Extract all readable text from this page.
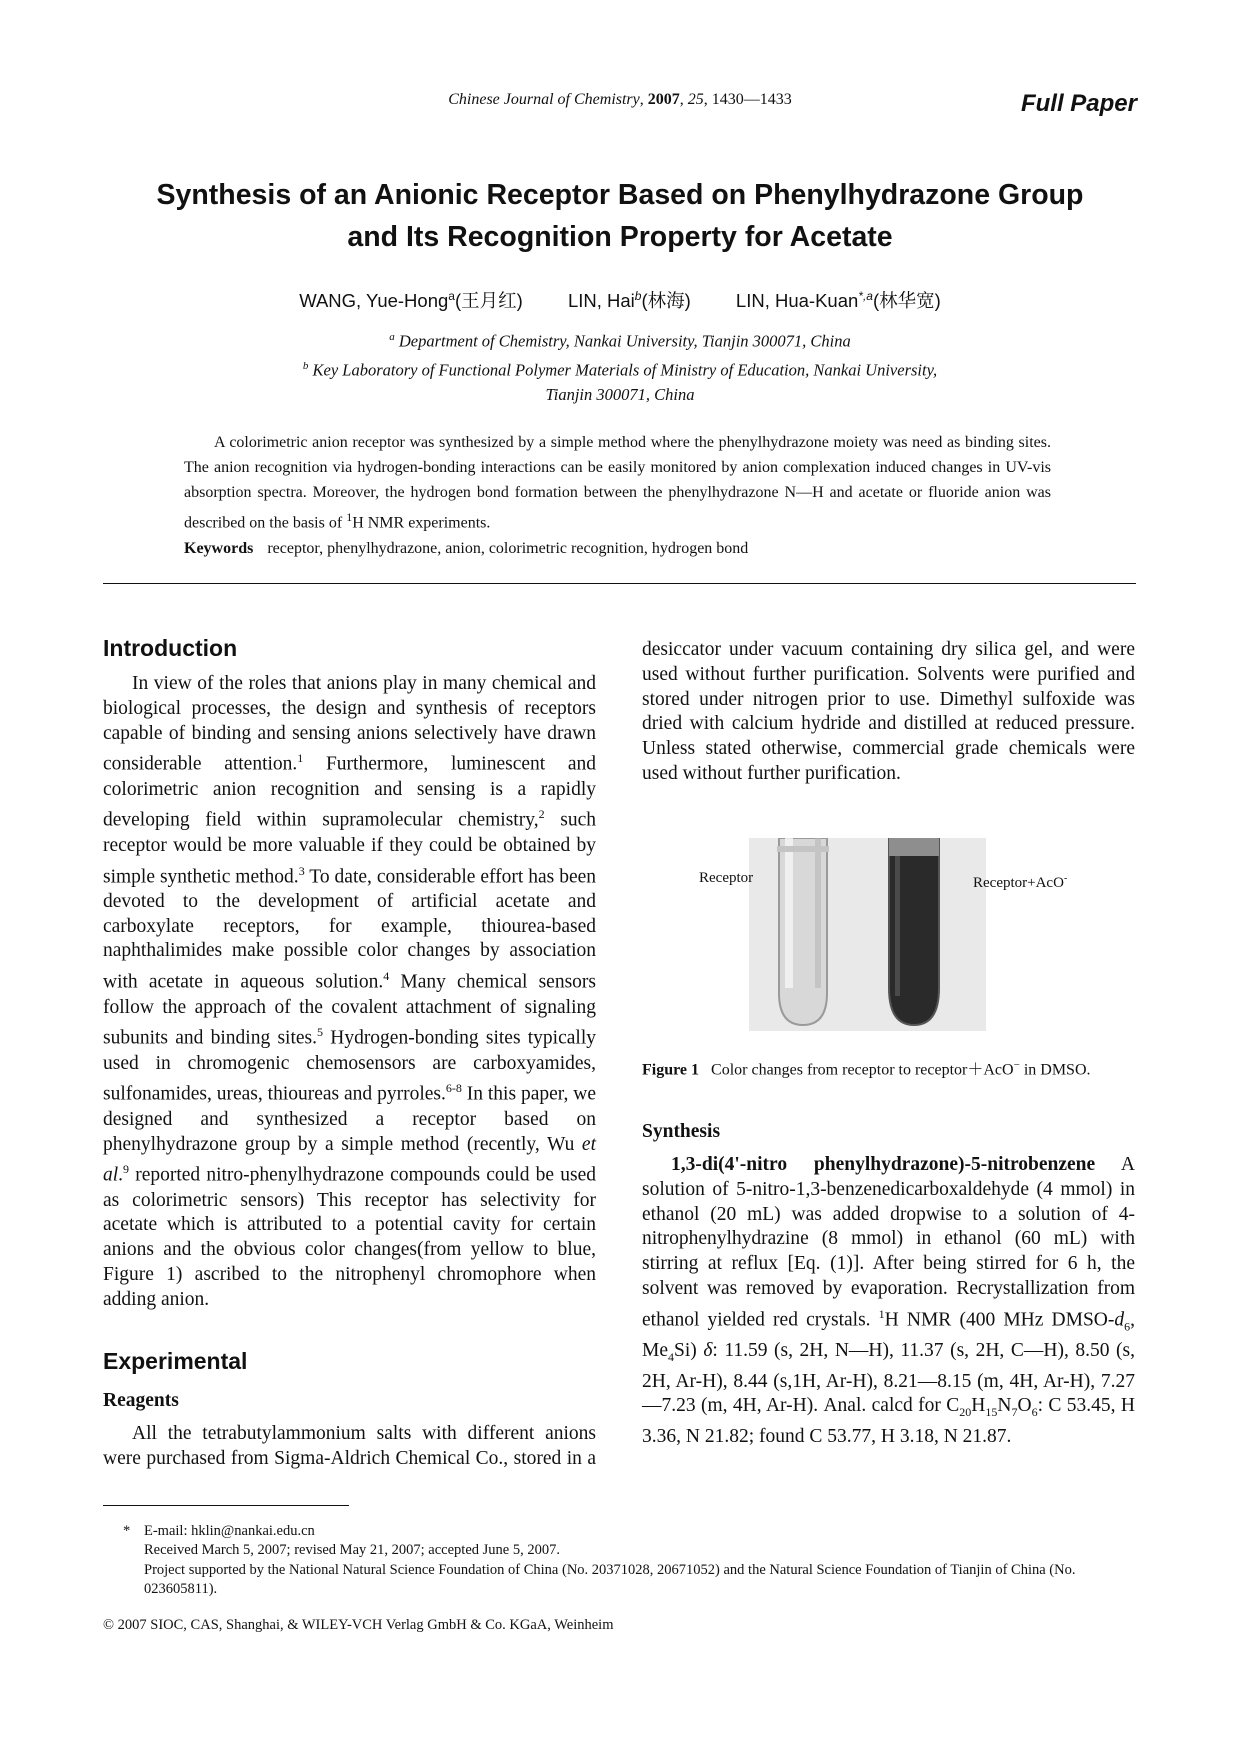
Chinese Journal of Chemistry, 2007, 25, 1430—1433	Full Paper
Synthesis of an Anionic Receptor Based on Phenylhydrazone Group and Its Recognition Property for Acetate
WANG, Yue-Hong$^a$(王月红) LIN, Hai$^b$(林海) LIN, Hua-Kuan$^{*,a}$(林华宽)
$^a$ Department of Chemistry, Nankai University, Tianjin 300071, China
$^b$ Key Laboratory of Functional Polymer Materials of Ministry of Education, Nankai University,
Tianjin 300071, China
A colorimetric anion receptor was synthesized by a simple method where the phenylhydrazone moiety was need as binding sites. The anion recognition via hydrogen-bonding interactions can be easily monitored by anion complexation induced changes in UV-vis absorption spectra. Moreover, the hydrogen bond formation between the phenylhydrazone N—H and acetate or fluoride anion was described on the basis of $^1$H NMR experiments.
Keywords receptor, phenylhydrazone, anion, colorimetric recognition, hydrogen bond
Introduction

In view of the roles that anions play in many chemical and biological processes, the design and synthesis of receptors capable of binding and sensing anions selectively have drawn considerable attention.$^1$ Furthermore, luminescent and colorimetric anion recognition and sensing is a rapidly developing field within supramolecular chemistry,$^2$ such receptor would be more valuable if they could be obtained by simple synthetic method.$^3$ To date, considerable effort has been devoted to the development of artificial acetate and carboxylate receptors, for example, thiourea-based naphthalimides make possible color changes by association with acetate in aqueous solution.$^4$ Many chemical sensors follow the approach of the covalent attachment of signaling subunits and binding sites.$^5$ Hydrogen-bonding sites typically used in chromogenic chemosensors are carboxyamides, sulfonamides, ureas, thioureas and pyrroles.$^{6-8}$ In this paper, we designed and synthesized a receptor based on phenylhydrazone group by a simple method (recently, Wu et al.$^9$ reported nitro-phenylhydrazone compounds could be used as colorimetric sensors) This receptor has selectivity for acetate which is attributed to a potential cavity for certain anions and the obvious color changes(from yellow to blue, Figure 1) ascribed to the nitrophenyl chromophore when adding anion.

Experimental
Reagents

All the tetrabutylammonium salts with different anions were purchased from Sigma-Aldrich Chemical Co., stored in a

desiccator under vacuum containing dry silica gel, and were used without further purification. Solvents were purified and stored under nitrogen prior to use. Dimethyl sulfoxide was dried with calcium hydride and distilled at reduced pressure. Unless stated otherwise, commercial grade chemicals were used without further purification.

Receptor	Receptor+AcO-
Figure 1 Color changes from receptor to receptor＋AcO− in DMSO.
Synthesis

1,3-di(4'-nitro phenylhydrazone)-5-nitrobenzene A solution of 5-nitro-1,3-benzenedicarboxaldehyde (4 mmol) in ethanol (20 mL) was added dropwise to a solution of 4-nitrophenylhydrazine (8 mmol) in ethanol (60 mL) with stirring at reflux [Eq. (1)]. After being stirred for 6 h, the solvent was removed by evaporation. Recrystallization from ethanol yielded red crystals. $^1$H NMR (400 MHz DMSO-$d_6$, $Me_4Si$) δ: 11.59 (s, 2H, N—H), 11.37 (s, 2H, C—H), 8.50 (s, 2H, Ar-H), 8.44 (s,1H, Ar-H), 8.21—8.15 (m, 4H, Ar-H), 7.27—7.23 (m, 4H, Ar-H). Anal. calcd for $C_{20}H_{15}N_7O_6$: C 53.45, H 3.36, N 21.82; found C 53.77, H 3.18, N 21.87.

* E-mail: hklin@nankai.edu.cn
Received March 5, 2007; revised May 21, 2007; accepted June 5, 2007.
Project supported by the National Natural Science Foundation of China (No. 20371028, 20671052) and the Natural Science Foundation of Tianjin of China (No. 023605811).
© 2007 SIOC, CAS, Shanghai, & WILEY-VCH Verlag GmbH & Co. KGaA, Weinheim
